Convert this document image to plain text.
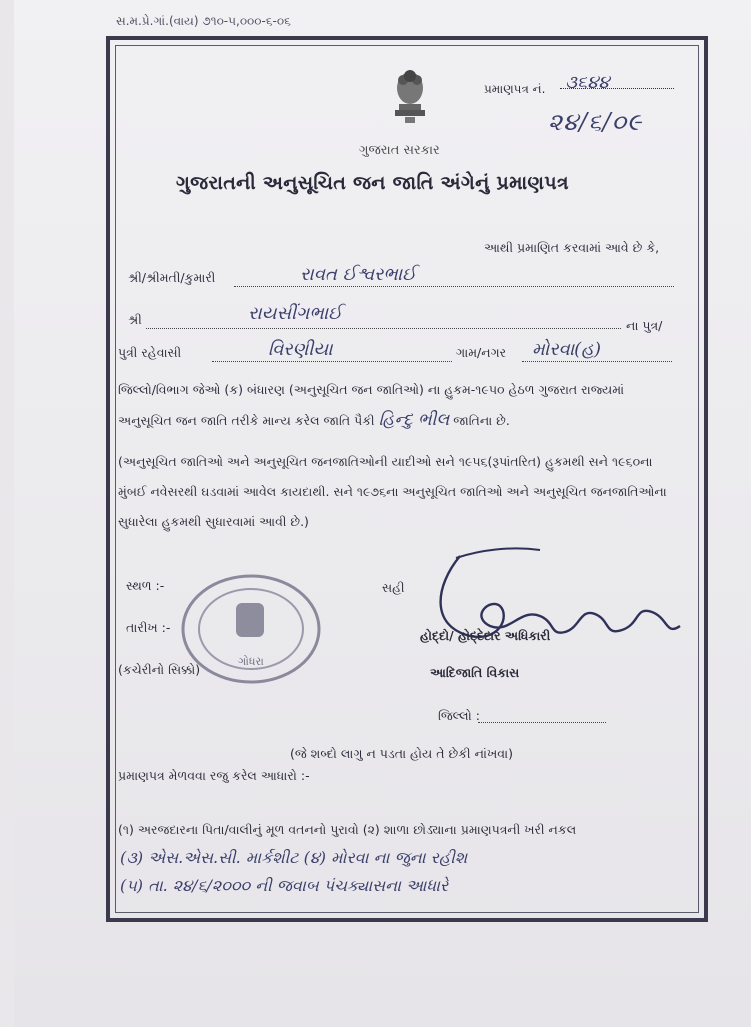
સ.મ.પ્રે.ગાં.(વાય) ૭૧૦-૫,૦૦૦-૬-૦૬
ગુજરાત સરકાર
પ્રમાણપત્ર નં. ૩૬૪૪
૨૪/૬/૦૯
ગુજરાતની અનુસૂચિત જન જાતિ અંગેનું પ્રમાણપત્ર
આથી પ્રમાણિત કરવામાં આવે છે કે,
શ્રી/શ્રીમતી/કુમારી	રાવત ઈશ્વરભાઈ
શ્રી	રાયસીંગભાઈ
ના પુત્ર/
પુત્રી રહેવાસી	વિરણીયા	ગામ/નગર મોરવા(હ)
જિલ્લો/વિભાગ જેઓ (ક) બંધારણ (અનુસૂચિત જન જાતિઓ) ના હુકમ-૧૯૫૦ હેઠળ ગુજરાત રાજ્યમાં અનુસૂચિત જન જાતિ તરીકે માન્ય કરેલ જાતિ પૈકી હિન્દુ ભીલ જાતિના છે.
(અનુસૂચિત જાતિઓ અને અનુસૂચિત જનજાતિઓની યાદીઓ સને ૧૯૫૬(રૂપાંતરિત) હુકમથી સને ૧૯૬૦ના મુંબઈ નવેસરથી ઘડવામાં આવેલ કાયદાથી. સને ૧૯૭૬ના અનુસૂચિત જાતિઓ અને અનુસૂચિત જનજાતિઓના સુધારેલા હુકમથી સુધારવામાં આવી છે.)
સ્થળ :-
તારીખ :-
(કચેરીનો સિક્કો)
ગોધરા
સહી
હોદ્દો/ હોદ્દેદાર અધિકારી
આદિજાતિ વિકાસ
જિલ્લો :
(જે શબ્દો લાગુ ન પડતા હોય તે છેકી નાંખવા)
પ્રમાણપત્ર મેળવવા રજુ કરેલ આધારો :-
(૧) અરજદારના પિતા/વાલીનું મૂળ વતનનો પુરાવો (૨) શાળા છોડ્યાના પ્રમાણપત્રની ખરી નકલ
(૩) એસ.એસ.સી. માર્કશીટ (૪) મોરવા ના જુના રહીશ
(૫) તા. ૨૪/૬/૨૦૦૦ ની જવાબ પંચક્યાસના આધારે
